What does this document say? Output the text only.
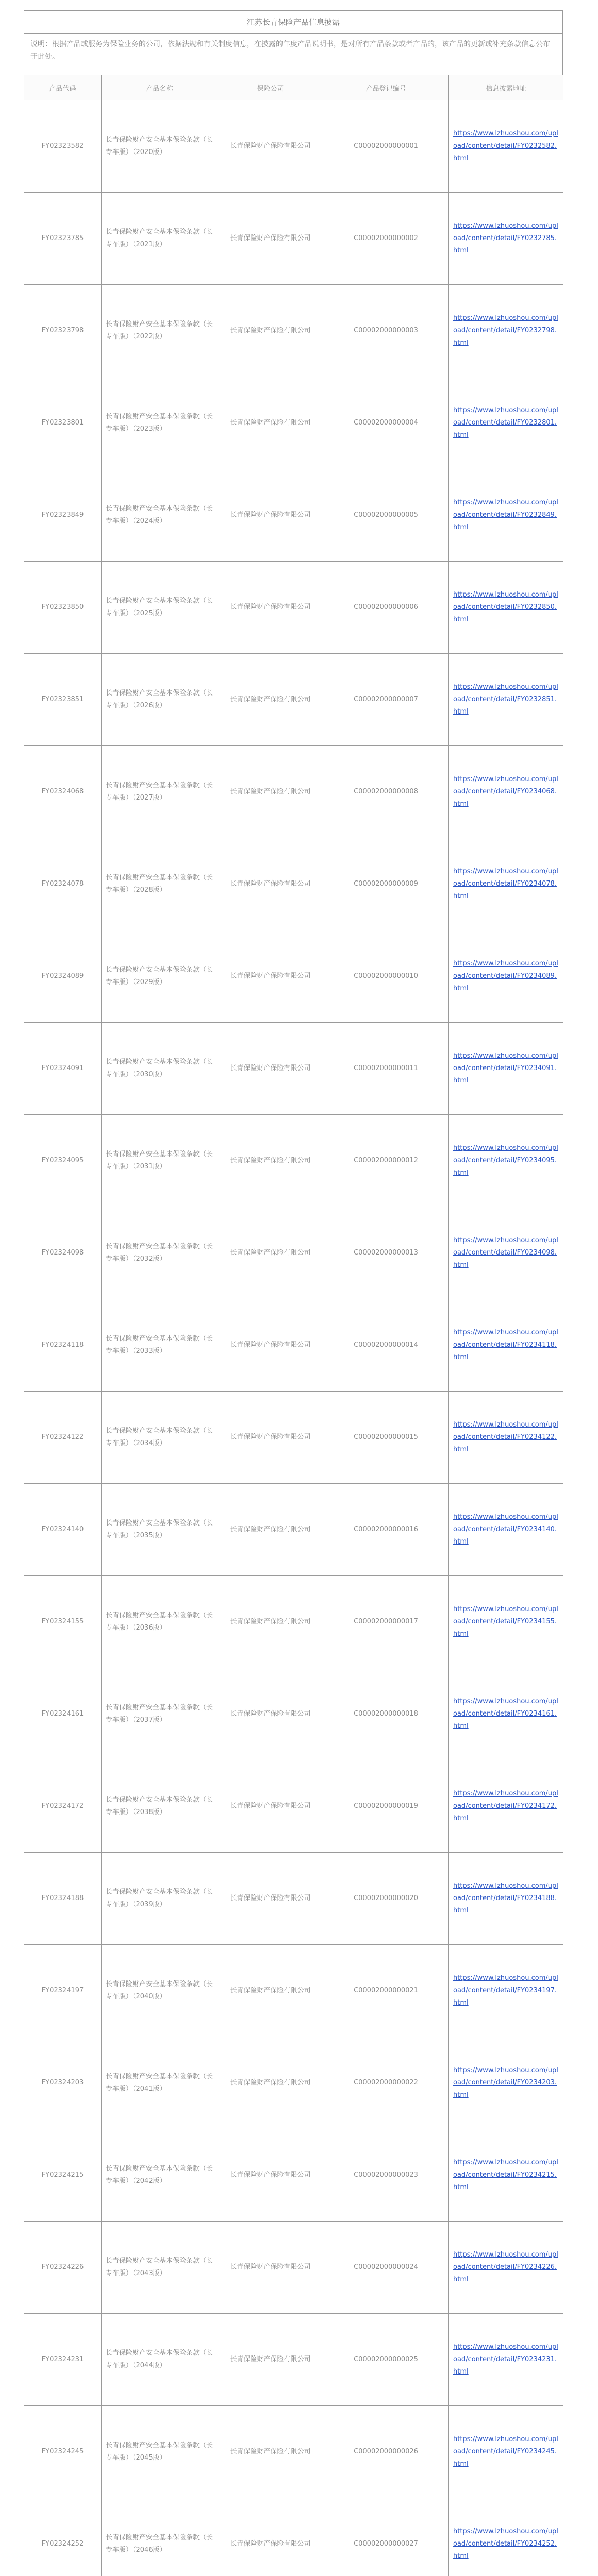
江苏长青保险产品信息披露
说明：根据产品或服务为保险业务的公司，依据法规和有关制度信息，在披露的年度产品说明书，是对所有产品条款或者产品的，该产品的更新或补充条款信息公布于此处。
产品代码	产品名称	保险公司	产品登记编号	信息披露地址
FY02323582	长青保险财产安全基本保险条款（长专车版）（2020版）	长青保险财产保险有限公司	C00002000000001	https://www.lzhuoshou.com/upload/content/detail/FY0232582.html
FY02323785	长青保险财产安全基本保险条款（长专车版）（2021版）	长青保险财产保险有限公司	C00002000000002	https://www.lzhuoshou.com/upload/content/detail/FY0232785.html
FY02323798	长青保险财产安全基本保险条款（长专车版）（2022版）	长青保险财产保险有限公司	C00002000000003	https://www.lzhuoshou.com/upload/content/detail/FY0232798.html
FY02323801	长青保险财产安全基本保险条款（长专车版）（2023版）	长青保险财产保险有限公司	C00002000000004	https://www.lzhuoshou.com/upload/content/detail/FY0232801.html
FY02323849	长青保险财产安全基本保险条款（长专车版）（2024版）	长青保险财产保险有限公司	C00002000000005	https://www.lzhuoshou.com/upload/content/detail/FY0232849.html
FY02323850	长青保险财产安全基本保险条款（长专车版）（2025版）	长青保险财产保险有限公司	C00002000000006	https://www.lzhuoshou.com/upload/content/detail/FY0232850.html
FY02323851	长青保险财产安全基本保险条款（长专车版）（2026版）	长青保险财产保险有限公司	C00002000000007	https://www.lzhuoshou.com/upload/content/detail/FY0232851.html
FY02324068	长青保险财产安全基本保险条款（长专车版）（2027版）	长青保险财产保险有限公司	C00002000000008	https://www.lzhuoshou.com/upload/content/detail/FY0234068.html
FY02324078	长青保险财产安全基本保险条款（长专车版）（2028版）	长青保险财产保险有限公司	C00002000000009	https://www.lzhuoshou.com/upload/content/detail/FY0234078.html
FY02324089	长青保险财产安全基本保险条款（长专车版）（2029版）	长青保险财产保险有限公司	C00002000000010	https://www.lzhuoshou.com/upload/content/detail/FY0234089.html
FY02324091	长青保险财产安全基本保险条款（长专车版）（2030版）	长青保险财产保险有限公司	C00002000000011	https://www.lzhuoshou.com/upload/content/detail/FY0234091.html
FY02324095	长青保险财产安全基本保险条款（长专车版）（2031版）	长青保险财产保险有限公司	C00002000000012	https://www.lzhuoshou.com/upload/content/detail/FY0234095.html
FY02324098	长青保险财产安全基本保险条款（长专车版）（2032版）	长青保险财产保险有限公司	C00002000000013	https://www.lzhuoshou.com/upload/content/detail/FY0234098.html
FY02324118	长青保险财产安全基本保险条款（长专车版）（2033版）	长青保险财产保险有限公司	C00002000000014	https://www.lzhuoshou.com/upload/content/detail/FY0234118.html
FY02324122	长青保险财产安全基本保险条款（长专车版）（2034版）	长青保险财产保险有限公司	C00002000000015	https://www.lzhuoshou.com/upload/content/detail/FY0234122.html
FY02324140	长青保险财产安全基本保险条款（长专车版）（2035版）	长青保险财产保险有限公司	C00002000000016	https://www.lzhuoshou.com/upload/content/detail/FY0234140.html
FY02324155	长青保险财产安全基本保险条款（长专车版）（2036版）	长青保险财产保险有限公司	C00002000000017	https://www.lzhuoshou.com/upload/content/detail/FY0234155.html
FY02324161	长青保险财产安全基本保险条款（长专车版）（2037版）	长青保险财产保险有限公司	C00002000000018	https://www.lzhuoshou.com/upload/content/detail/FY0234161.html
FY02324172	长青保险财产安全基本保险条款（长专车版）（2038版）	长青保险财产保险有限公司	C00002000000019	https://www.lzhuoshou.com/upload/content/detail/FY0234172.html
FY02324188	长青保险财产安全基本保险条款（长专车版）（2039版）	长青保险财产保险有限公司	C00002000000020	https://www.lzhuoshou.com/upload/content/detail/FY0234188.html
FY02324197	长青保险财产安全基本保险条款（长专车版）（2040版）	长青保险财产保险有限公司	C00002000000021	https://www.lzhuoshou.com/upload/content/detail/FY0234197.html
FY02324203	长青保险财产安全基本保险条款（长专车版）（2041版）	长青保险财产保险有限公司	C00002000000022	https://www.lzhuoshou.com/upload/content/detail/FY0234203.html
FY02324215	长青保险财产安全基本保险条款（长专车版）（2042版）	长青保险财产保险有限公司	C00002000000023	https://www.lzhuoshou.com/upload/content/detail/FY0234215.html
FY02324226	长青保险财产安全基本保险条款（长专车版）（2043版）	长青保险财产保险有限公司	C00002000000024	https://www.lzhuoshou.com/upload/content/detail/FY0234226.html
FY02324231	长青保险财产安全基本保险条款（长专车版）（2044版）	长青保险财产保险有限公司	C00002000000025	https://www.lzhuoshou.com/upload/content/detail/FY0234231.html
FY02324245	长青保险财产安全基本保险条款（长专车版）（2045版）	长青保险财产保险有限公司	C00002000000026	https://www.lzhuoshou.com/upload/content/detail/FY0234245.html
FY02324252	长青保险财产安全基本保险条款（长专车版）（2046版）	长青保险财产保险有限公司	C00002000000027	https://www.lzhuoshou.com/upload/content/detail/FY0234252.html
